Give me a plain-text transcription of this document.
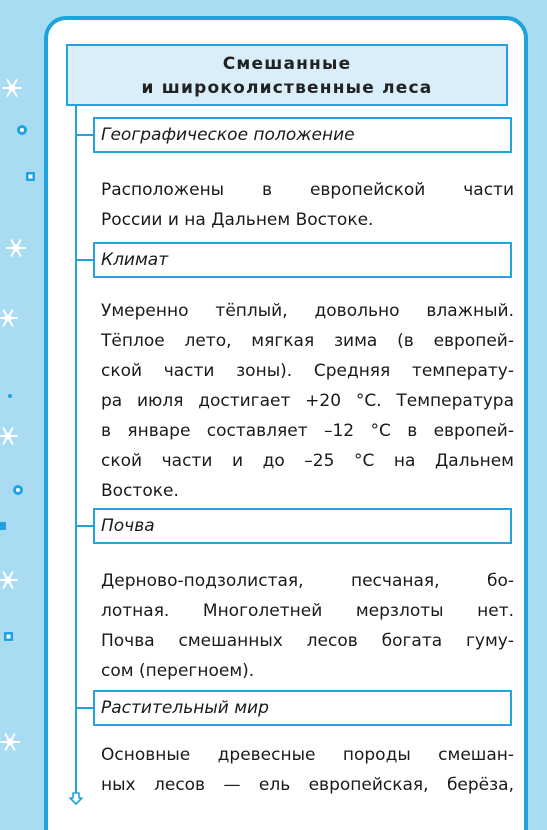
Смешанные
и широколиственные леса
Географическое положение
Расположены в европейской части
России и на Дальнем Востоке.
Климат
Умеренно тёплый, довольно влажный.
Тёплое лето, мягкая зима (в европей-
ской части зоны). Средняя температу-
ра июля достигает +20 °С. Температура
в январе составляет –12 °С в европей-
ской части и до –25 °С на Дальнем
Востоке.
Почва
Дерново-подзолистая, песчаная, бо-
лотная. Многолетней мерзлоты нет.
Почва смешанных лесов богата гуму-
сом (перегноем).
Растительный мир
Основные древесные породы смешан-
ных лесов — ель европейская, берёза,
